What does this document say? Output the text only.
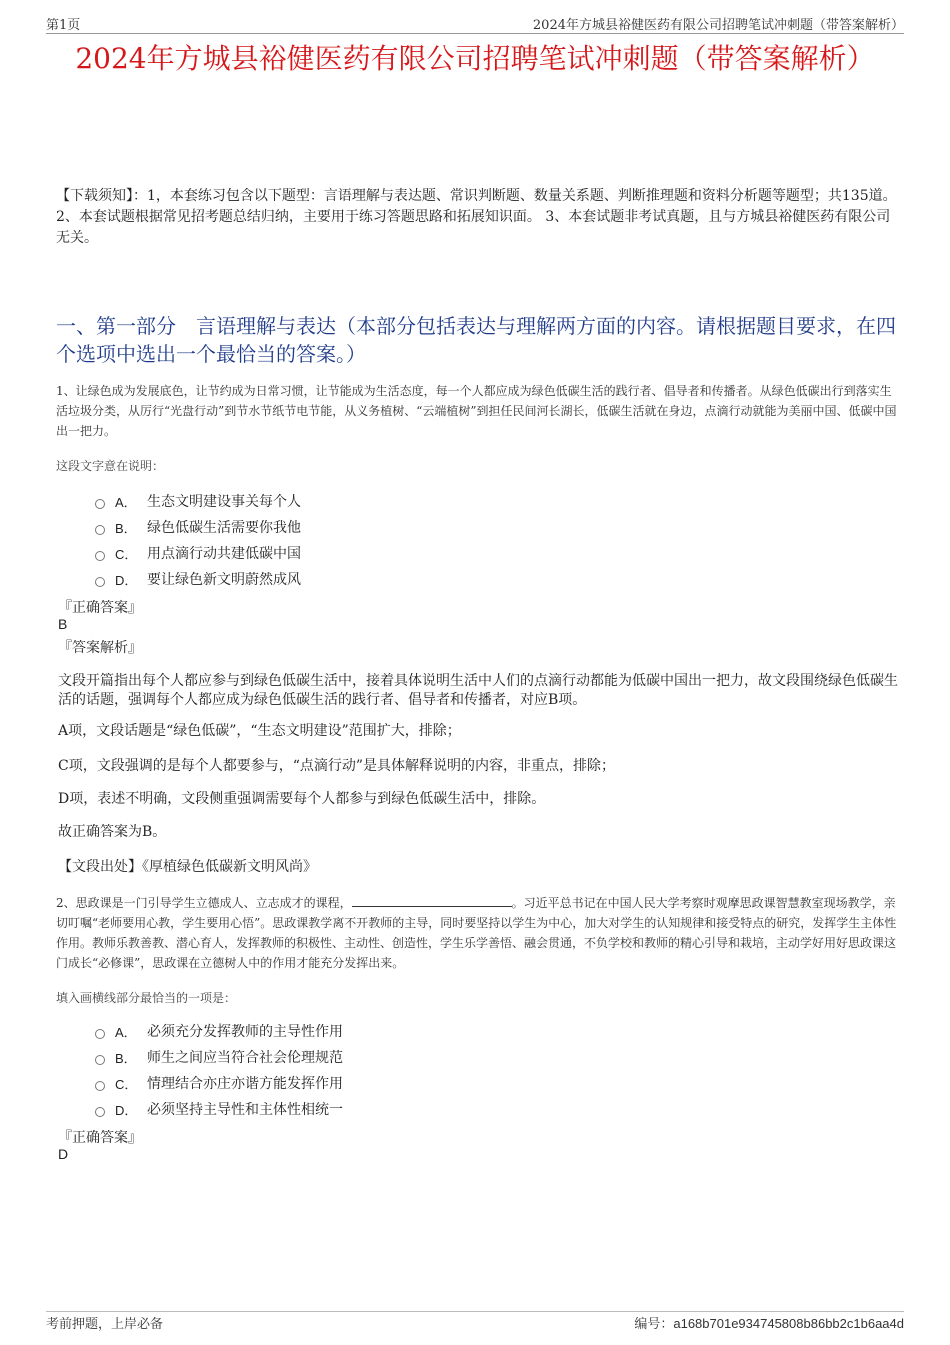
第1页	2024年方城县裕健医药有限公司招聘笔试冲刺题（带答案解析）
2024年方城县裕健医药有限公司招聘笔试冲刺题（带答案解析）
【下载须知】：1，本套练习包含以下题型：言语理解与表达题、常识判断题、数量关系题、判断推理题和资料分析题等题型；共135道。 2、本套试题根据常见招考题总结归纳，主要用于练习答题思路和拓展知识面。 3、本套试题非考试真题，且与方城县裕健医药有限公司无关。
一、第一部分　言语理解与表达（本部分包括表达与理解两方面的内容。请根据题目要求，在四个选项中选出一个最恰当的答案。）
1、让绿色成为发展底色，让节约成为日常习惯，让节能成为生活态度，每一个人都应成为绿色低碳生活的践行者、倡导者和传播者。从绿色低碳出行到落实生活垃圾分类，从厉行“光盘行动”到节水节纸节电节能，从义务植树、“云端植树”到担任民间河长湖长，低碳生活就在身边，点滴行动就能为美丽中国、低碳中国出一把力。
这段文字意在说明：
A． 生态文明建设事关每个人
B． 绿色低碳生活需要你我他
C． 用点滴行动共建低碳中国
D． 要让绿色新文明蔚然成风
『正确答案』
B
『答案解析』
文段开篇指出每个人都应参与到绿色低碳生活中，接着具体说明生活中人们的点滴行动都能为低碳中国出一把力，故文段围绕绿色低碳生活的话题，强调每个人都应成为绿色低碳生活的践行者、倡导者和传播者，对应B项。
A项，文段话题是“绿色低碳”，“生态文明建设”范围扩大，排除；
C项，文段强调的是每个人都要参与，“点滴行动”是具体解释说明的内容，非重点，排除；
D项，表述不明确，文段侧重强调需要每个人都参与到绿色低碳生活中，排除。
故正确答案为B。
【文段出处】《厚植绿色低碳新文明风尚》
2、思政课是一门引导学生立德成人、立志成才的课程，	。习近平总书记在中国人民大学考察时观摩思政课智慧教室现场教学，亲切叮嘱“老师要用心教，学生要用心悟”。思政课教学离不开教师的主导，同时要坚持以学生为中心，加大对学生的认知规律和接受特点的研究，发挥学生主体性作用。教师乐教善教、潜心育人，发挥教师的积极性、主动性、创造性，学生乐学善悟、融会贯通，不负学校和教师的精心引导和栽培，主动学好用好思政课这门成长“必修课”，思政课在立德树人中的作用才能充分发挥出来。
填入画横线部分最恰当的一项是：
A． 必须充分发挥教师的主导性作用
B． 师生之间应当符合社会伦理规范
C． 情理结合亦庄亦谐方能发挥作用
D． 必须坚持主导性和主体性相统一
『正确答案』
D
考前押题，上岸必备	编号：a168b701e934745808b86bb2c1b6aa4d
